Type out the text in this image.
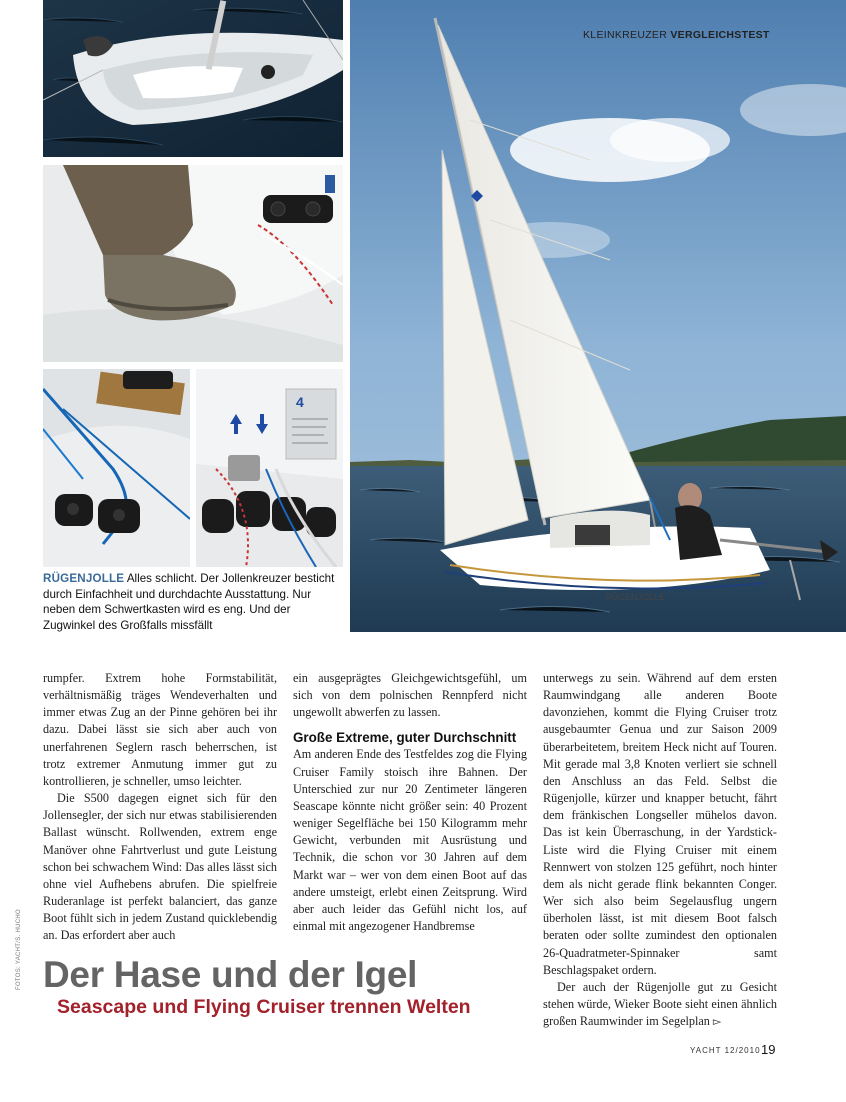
4
RÜGENJOLLE
KLEINKREUZER VERGLEICHSTEST
RÜGENJOLLE Alles schlicht. Der Jollenkreuzer besticht durch Einfachheit und durchdachte Ausstattung. Nur neben dem Schwertkasten wird es eng. Und der Zugwinkel des Großfalls missfällt

rumpfer. Extrem hohe Formstabilität, verhältnismäßig träges Wendeverhalten und immer etwas Zug an der Pinne gehören bei ihr dazu. Dabei lässt sie sich aber auch von unerfahrenen Seglern rasch beherrschen, ist trotz extremer Anmutung immer gut zu kontrollieren, je schneller, umso leichter.

Die S500 dagegen eignet sich für den Jollensegler, der sich nur etwas stabilisierenden Ballast wünscht. Rollwenden, extrem enge Manöver ohne Fahrtverlust und gute Leistung schon bei schwachem Wind: Das alles lässt sich ohne viel Aufhebens abrufen. Die spielfreie Ruderanlage ist perfekt balanciert, das ganze Boot fühlt sich in jedem Zustand quicklebendig an. Das erfordert aber auch

ein ausgeprägtes Gleichgewichtsgefühl, um sich von dem polnischen Rennpferd nicht ungewollt abwerfen zu lassen.

Große Extreme, guter Durchschnitt

Am anderen Ende des Testfeldes zog die Flying Cruiser Family stoisch ihre Bahnen. Der Unterschied zur nur 20 Zentimeter längeren Seascape könnte nicht größer sein: 40 Prozent weniger Segelfläche bei 150 Kilogramm mehr Gewicht, verbunden mit Ausrüstung und Technik, die schon vor 30 Jahren auf dem Markt war – wer von dem einen Boot auf das andere umsteigt, erlebt einen Zeitsprung. Wird aber auch leider das Gefühl nicht los, auf einmal mit angezogener Handbremse

unterwegs zu sein. Während auf dem ersten Raumwindgang alle anderen Boote davonziehen, kommt die Flying Cruiser trotz ausgebaumter Genua und zur Saison 2009 überarbeitetem, breitem Heck nicht auf Touren. Mit gerade mal 3,8 Knoten verliert sie schnell den Anschluss an das Feld. Selbst die Rügenjolle, kürzer und knapper betucht, fährt dem fränkischen Longseller mühelos davon. Das ist kein Überraschung, in der Yardstick-Liste wird die Flying Cruiser mit einem Rennwert von stolzen 125 geführt, noch hinter dem als nicht gerade flink bekannten Conger. Wer sich also beim Segelausflug ungern überholen lässt, ist mit diesem Boot falsch beraten oder sollte zumindest den optionalen 26-Quadratmeter-Spinnaker samt Beschlagspaket ordern.

Der auch der Rügenjolle gut zu Gesicht stehen würde, Wieker Boote sieht einen ähnlich großen Raumwinder im Segelplan ▻

Der Hase und der Igel
Seascape und Flying Cruiser trennen Welten
FOTOS: YACHT/S. HUCHO
YACHT 12/2010 19
